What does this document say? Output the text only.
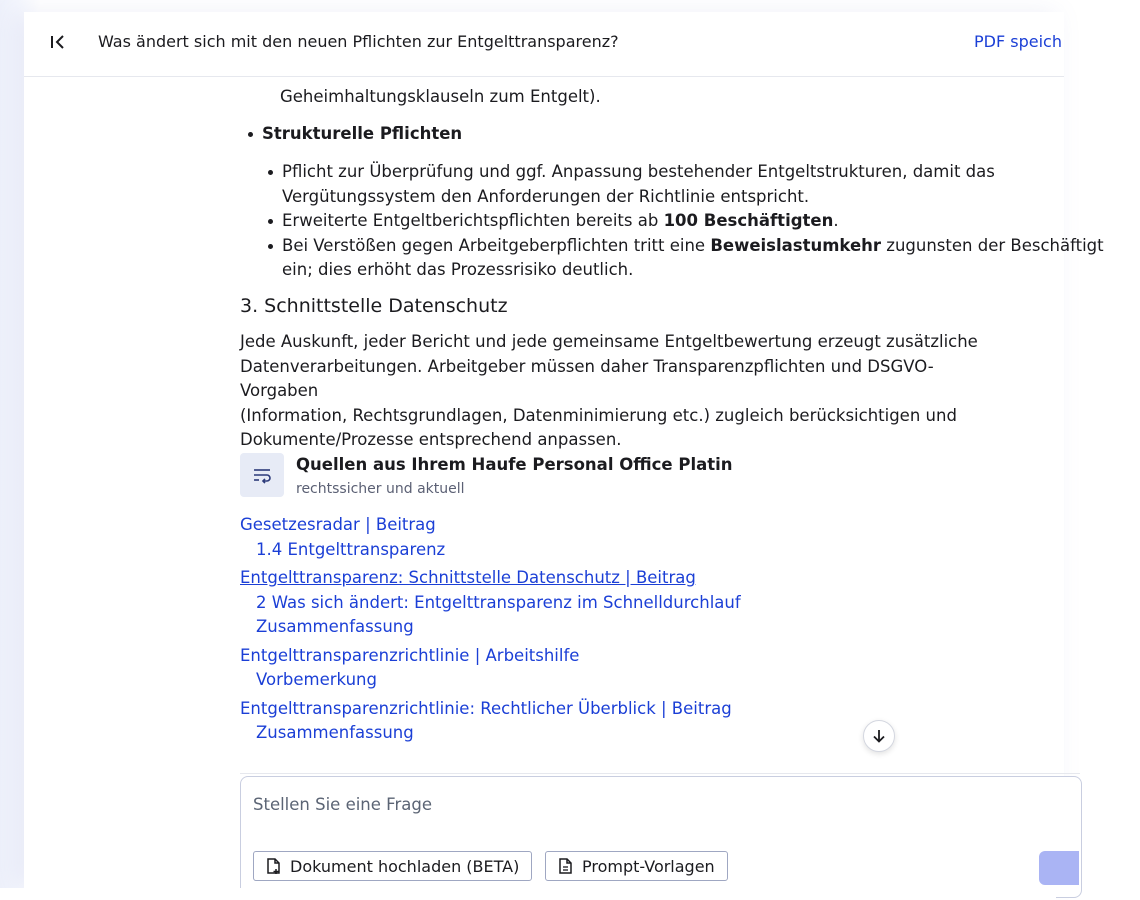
Was ändert sich mit den neuen Pflichten zur Entgelttransparenz?	PDF speich
Geheimhaltungsklauseln zum Entgelt).
Strukturelle Pflichten
Pflicht zur Überprüfung und ggf. Anpassung bestehender Entgeltstrukturen, damit das
Vergütungssystem den Anforderungen der Richtlinie entspricht.
Erweiterte Entgeltberichtspflichten bereits ab 100 Beschäftigten.
Bei Verstößen gegen Arbeitgeberpflichten tritt eine Beweislastumkehr zugunsten der Beschäftigt
ein; dies erhöht das Prozessrisiko deutlich.
3. Schnittstelle Datenschutz
Jede Auskunft, jeder Bericht und jede gemeinsame Entgeltbewertung erzeugt zusätzliche
Datenverarbeitungen. Arbeitgeber müssen daher Transparenzpflichten und DSGVO-Vorgaben
(Information, Rechtsgrundlagen, Datenminimierung etc.) zugleich berücksichtigen und
Dokumente/Prozesse entsprechend anpassen.
Quellen aus Ihrem Haufe Personal Office Platin
rechtssicher und aktuell
Gesetzesradar | Beitrag
1.4 Entgelttransparenz
Entgelttransparenz: Schnittstelle Datenschutz | Beitrag
2 Was sich ändert: Entgelttransparenz im Schnelldurchlauf
Zusammenfassung
Entgelttransparenzrichtlinie | Arbeitshilfe
Vorbemerkung
Entgelttransparenzrichtlinie: Rechtlicher Überblick | Beitrag
Zusammenfassung
Stellen Sie eine Frage
Dokument hochladen (BETA)	Prompt-Vorlagen
